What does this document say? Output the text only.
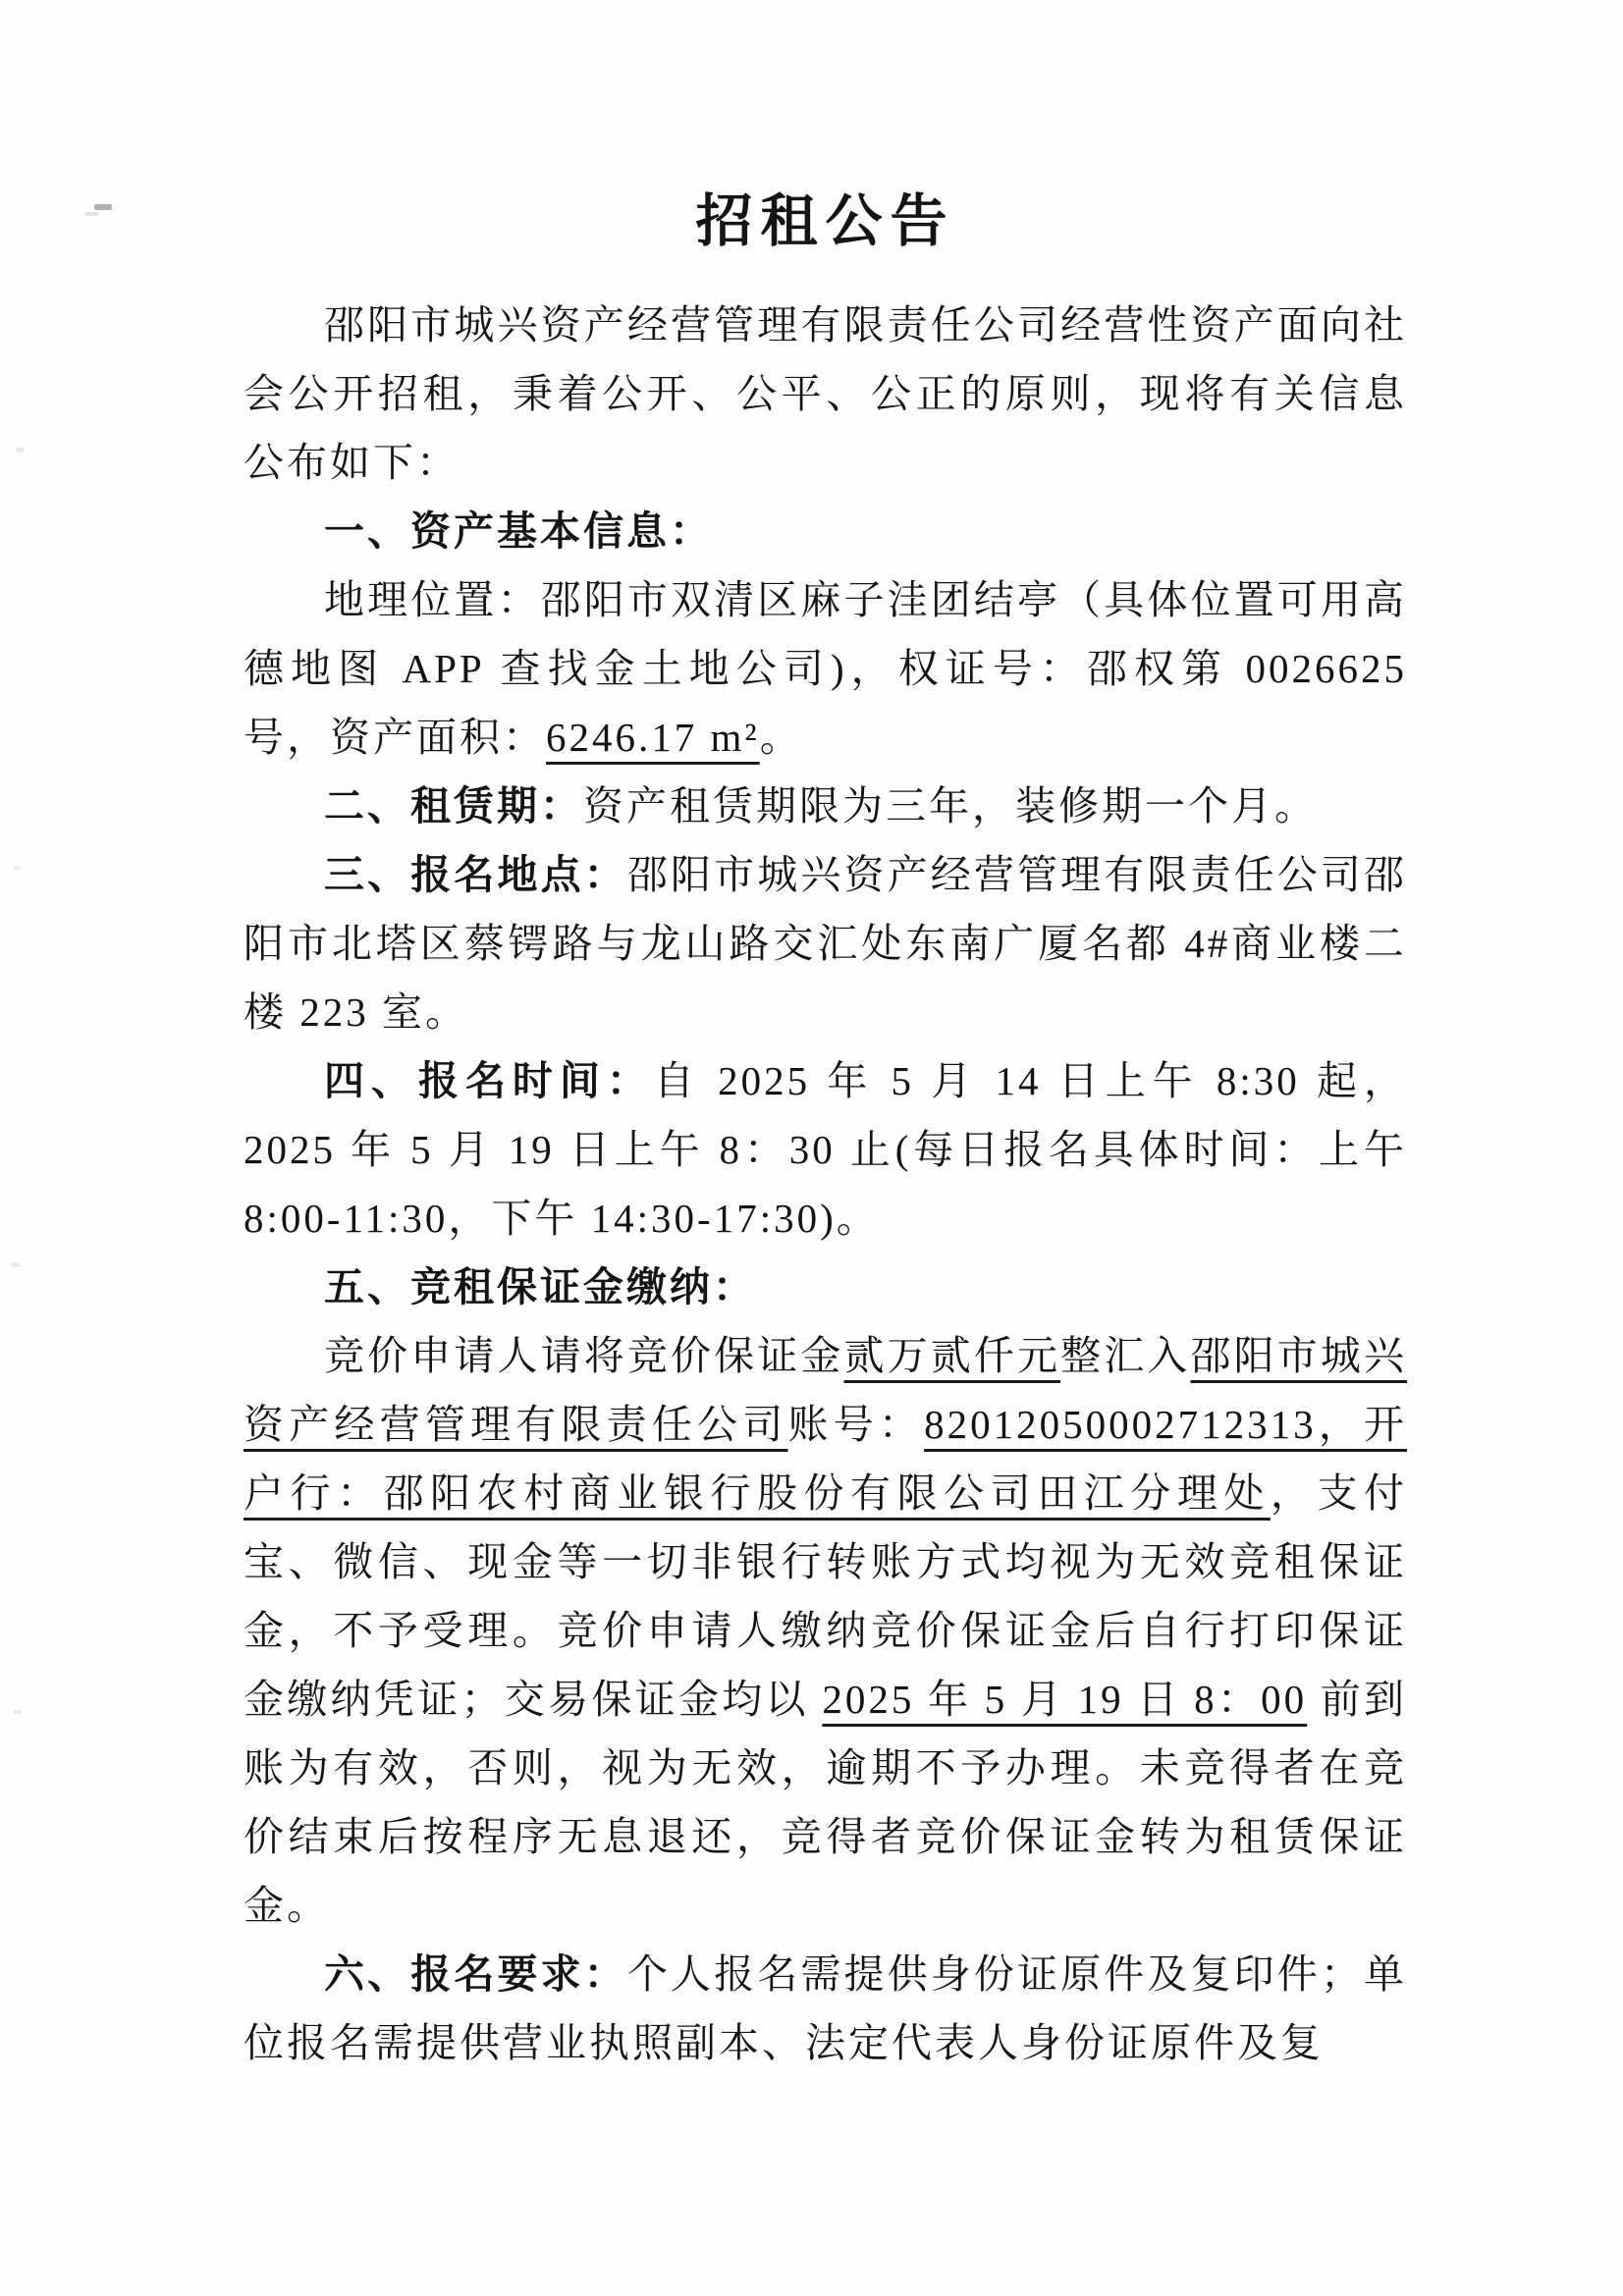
招租公告

邵阳市城兴资产经营管理有限责任公司经营性资产面向社会公开招租，秉着公开、公平、公正的原则，现将有关信息公布如下：

一、资产基本信息：

地理位置：邵阳市双清区麻子洼团结亭（具体位置可用高德地图 APP 查找金土地公司)，权证号：邵权第 0026625 号，资产面积：6246.17 m²。

二、租赁期：资产租赁期限为三年，装修期一个月。

三、报名地点：邵阳市城兴资产经营管理有限责任公司邵阳市北塔区蔡锷路与龙山路交汇处东南广厦名都 4#商业楼二楼 223 室。

四、报名时间：自 2025 年 5 月 14 日上午 8:30 起，2025 年 5 月 19 日上午 8：30 止(每日报名具体时间：上午 8:00-11:30，下午 14:30-17:30)。

五、竞租保证金缴纳：

竞价申请人请将竞价保证金贰万贰仟元整汇入邵阳市城兴资产经营管理有限责任公司账号：82012050002712313，开户行：邵阳农村商业银行股份有限公司田江分理处，支付宝、微信、现金等一切非银行转账方式均视为无效竞租保证金，不予受理。竞价申请人缴纳竞价保证金后自行打印保证金缴纳凭证；交易保证金均以 2025 年 5 月 19 日 8：00 前到账为有效，否则，视为无效，逾期不予办理。未竞得者在竞价结束后按程序无息退还，竞得者竞价保证金转为租赁保证金。

六、报名要求：个人报名需提供身份证原件及复印件；单位报名需提供营业执照副本、法定代表人身份证原件及复
